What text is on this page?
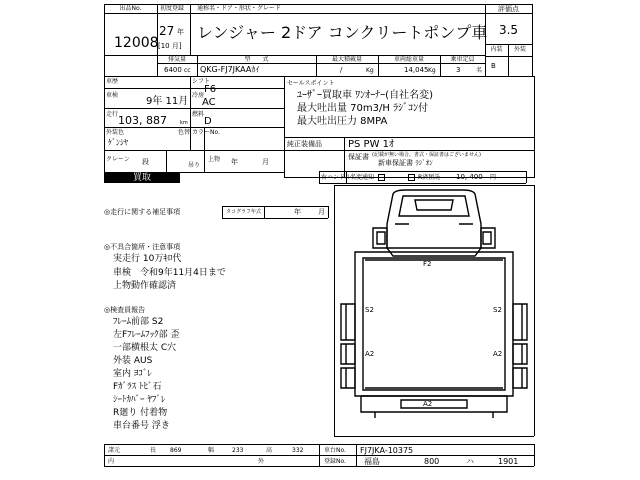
出品No.
12008
初度登録
27 年
[10 月]
通称名・ドア・形状・グレード
レンジャー 2ドア コンクリートポンプ車
評価点
3.5
内装	外装
B
排気量	型　　式	最大積載量	車両総重量	乗車定員
6400 cc QKG-FJ7JKAAｶｲ	/	Kg	14,045 Kg	3	名
車歴	シフト
F6
車検
9年 11月
冷房
AC
走行 103, 887	km
燃料
D
外装色
ｹﾞﾝｼﾔ
色替 カラーNo.
クレーン 段	吊り
上物 年	月
買取
セールスポイント
ﾕｰｻﾞｰ買取車 ﾜﾝｵｰﾅｰ(自社名変)
最大吐出量 70m3/H ﾗｼﾞｺﾝ付
最大吐出圧力 8MPA
純正装備品	PS PW 1ｵ
保証書 (記載が無い場合、書式・保証書はございません)
新車保証書 ﾗｼﾞｵﾝ
右ハンドル
名変通知	R済預託 10, 400 円
◎走行に関する補足事項	タコグラフ年式	年 月
◎不具合箇所・注意事項
実走行 10万ｷﾛ代
車検　令和9年11月4日まで
上物動作確認済
◎検査員報告
ﾌﾚｰﾑ前部 S2
左Fﾌﾚｰﾑﾌｯｸ部 歪
一部横根太 C穴
外装 AUS
室内 ﾖｺﾞﾚ
Fｶﾞﾗｽ ﾄﾋﾞ石
ｼｰﾄｶﾊﾞｰ ﾔﾌﾞﾚ
R廻り 付着物
車台番号 浮き
F2
S2	S2
A2	A2
A2
諸元	長 869	幅	233	高	332	車台No. FJ7JKA-10375
内　　　　　　　　　　　　　　　　　　　　　　　　外	登録No. 福島	800	ハ	1901
